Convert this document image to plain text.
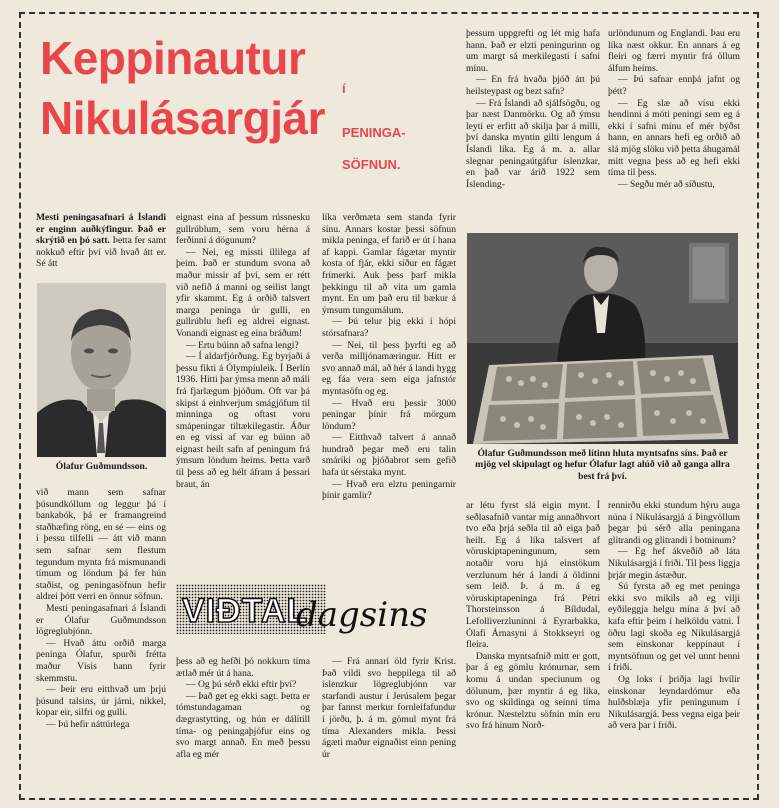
Keppinautur
Nikulásargjár
í
PENINGA-
SÖFNUN.

Mesti peningasafnari á Íslandi er enginn auðkýfingur. Það er skrýtið en þó satt. Þetta fer samt nokkuð eftir því við hvað átt er. Sé átt

Ólafur Guðmundsson.

við mann sem safnar þúsundkóllum og leggur þá í bankabók, þá er framangreind staðhæfing röng, en sé — eins og í þessu tilfelli — átt við mann sem safnar sem flestum tegundum mynta frá mismunandi tímum og löndum þá fer hún staðist, og peningasöfnun hefir aldrei þótt verri en önnur söfnun.

Mesti peningasafnari á Íslandi er Ólafur Guðmundsson lögreglubjónn.

— Hvað áttu orðið marga peninga Ólafur, spurði frétta maður Vísis hann fyrir skemmstu.

— Þeir eru eitthvað um þrjú þúsund talsins, úr járni, nikkel, kopar eir, silfri og gulli.

— Þú hefir náttúrlega

eignast eina af þessum rússnesku gullrúblum, sem voru hérna á ferðinni á dögunum?

— Nei, eg missti illilega af þeim. Það er stundum svona að maður missir af því, sem er rétt við nefið á manni og seilist langt yfir skammt. Eg á orðið talsvert marga peninga úr gulli, en gullrúblu hefi eg aldrei eignast. Vonandi eignast eg eina bráðum!

— Ertu búinn að safna lengi?

— Í aldarfjórðung. Eg byrjaði á þessu fikti á Ólympíuleik. Í Berlín 1936. Hitti þar ýmsa menn að máli frá fjarlægum þjóðum. Oft var þá skipst á einhverjum smágjöfum til minninga og oftast voru smápeningar tiltækilegastir. Áður en eg vissi af var eg búinn að eignast heilt safn af peningum frá ýmsum löndum heims. Þetta varð til þess að eg hélt áfram á þessari braut, án

líka verðmæta sem standa fyrir sínu. Annars kostar þessi söfnun mikla peninga, ef farið er út í hana af kappi. Gamlar fágætar myntir kosta of fjár, ekki síður en fágæt frímerki. Auk þess þarf mikla þekkingu til að vita um gamla mynt. En um það eru til bækur á ýmsum tungumálum.

— Þú telur þig ekki í hópi stórsafnara?

— Nei, til þess þyrfti eg að verða milljónamæringur. Hitt er svo annað mál, að hér á landi hygg eg fáa vera sem eiga jafnstór myntasöfn og eg.

— Hvað eru þessir 3000 peningar þínir frá mörgum löndum?

— Eitthvað talvert á annað hundrað þegar með eru talin smáríki og þjóðabrot sem gefið hafa út sérstaka mynt.

— Hvað eru elztu peningarnir þínir gamlir?

þessum uppgrefti og lét mig hafa hann. Það er elzti peningurinn og um margt sá merkilegasti í safni mínu.

— En frá hvaða þjóð átt þú heilsteypast og bezt safn?

— Frá Íslandi að sjálfsögðu, og þar næst Danmörku. Og að ýmsu leyti er erfitt að skilja þar á milli, því danska myntin gilti lengum á Íslandi líka. Eg á m. a. allar slegnar peningaútgáfur íslenzkar, en það var árið 1922 sem Íslending-

urlöndunum og Englandi. Þau eru líka næst okkur. En annars á eg fleiri og færri myntir frá öllum álfum heims.

— Þú safnar ennþá jafnt og þétt?

— Eg slæ að vísu ekki hendinni á móti peningi sem eg á ekki í safni mínu ef mér býðst hann, en annars hefi eg orðið að slá mjög slöku við þetta áhugamál mitt vegna þess að eg hefi ekki tíma til þess.

— Segðu mér að síðustu,

Ólafur Guðmundsson með lítinn hluta myntsafns síns. Það er mjög vel skipulagt og hefur Ólafur lagt alúð við að ganga allra best frá því.
VIÐTAL
dagsins

þess að eg hefði þó nokkurn tíma ætlað mér út á hana.

— Og þú sérð ekki eftir því?

— Það get eg ekki sagt. Þetta er tómstundagaman og dægrastytting, og hún er dálítill tíma- og peningaþjófur eins og svo margt annað. En með þessu afla eg mér

— Frá annari öld fyrir Krist. Það vildi svo heppilega til að íslenzkur lögreglubjónn var starfandi austur í Jerúsalem þegar þar fannst merkur fornleifafundur í jörðu, þ. á m. gömul mynt frá tíma Alexanders mikla. Þessi ágæti maður eignaðist einn pening úr

ar létu fyrst slá eigin mynt. Í seðlasafnið vantar mig annaðhvort tvo eða þrjá seðla til að eiga það heilt. Eg á líka talsvert af vöruskiptapeningunum, sem notaðir voru hjá einstökum verzlunum hér á landi á öldinni sem leið. Þ. á m. á eg vöruskiptapeninga frá Pétri Thorsteinsson á Bíldudal, Lefolliverzluninni á Eyrarbakka, Ólafi Árnasyni á Stokkseyri og fleira.

Danska myntsafnið mitt er gott, þar á eg gömlu krónurnar, sem komu á undan speciunum og dölunum, þær myntir á eg líka, svo og skildinga og seinni tíma krónur. Næstelztu söfnin mín eru svo frá hinum Norð-

rennirðu ekki stundum hýru auga núna í Nikulásargjá á Þingvöllum þegar þú sérð alla peningana glitrandi og glitrandi í botninum?

— Eg hef ákveðið að láta Nikulásargjá í friði. Til þess liggja þrjár megin ástæður.

Sú fyrsta að eg met peninga ekki svo mikils að eg vilji eyðileggja helgu mína á því að kafa eftir þeim í helköldu vatni. Í öðru lagi skoða eg Nikulásargjá sem einskonar keppinaut í myntsöfnun og get vel unnt henni í friði.

Og loks í þriðja lagi hvílir einskonar leyndardómur eða hulðsblæja yfir peningunum í Nikulásargjá. Þess vegna eiga þeir að vera þar í friði.
